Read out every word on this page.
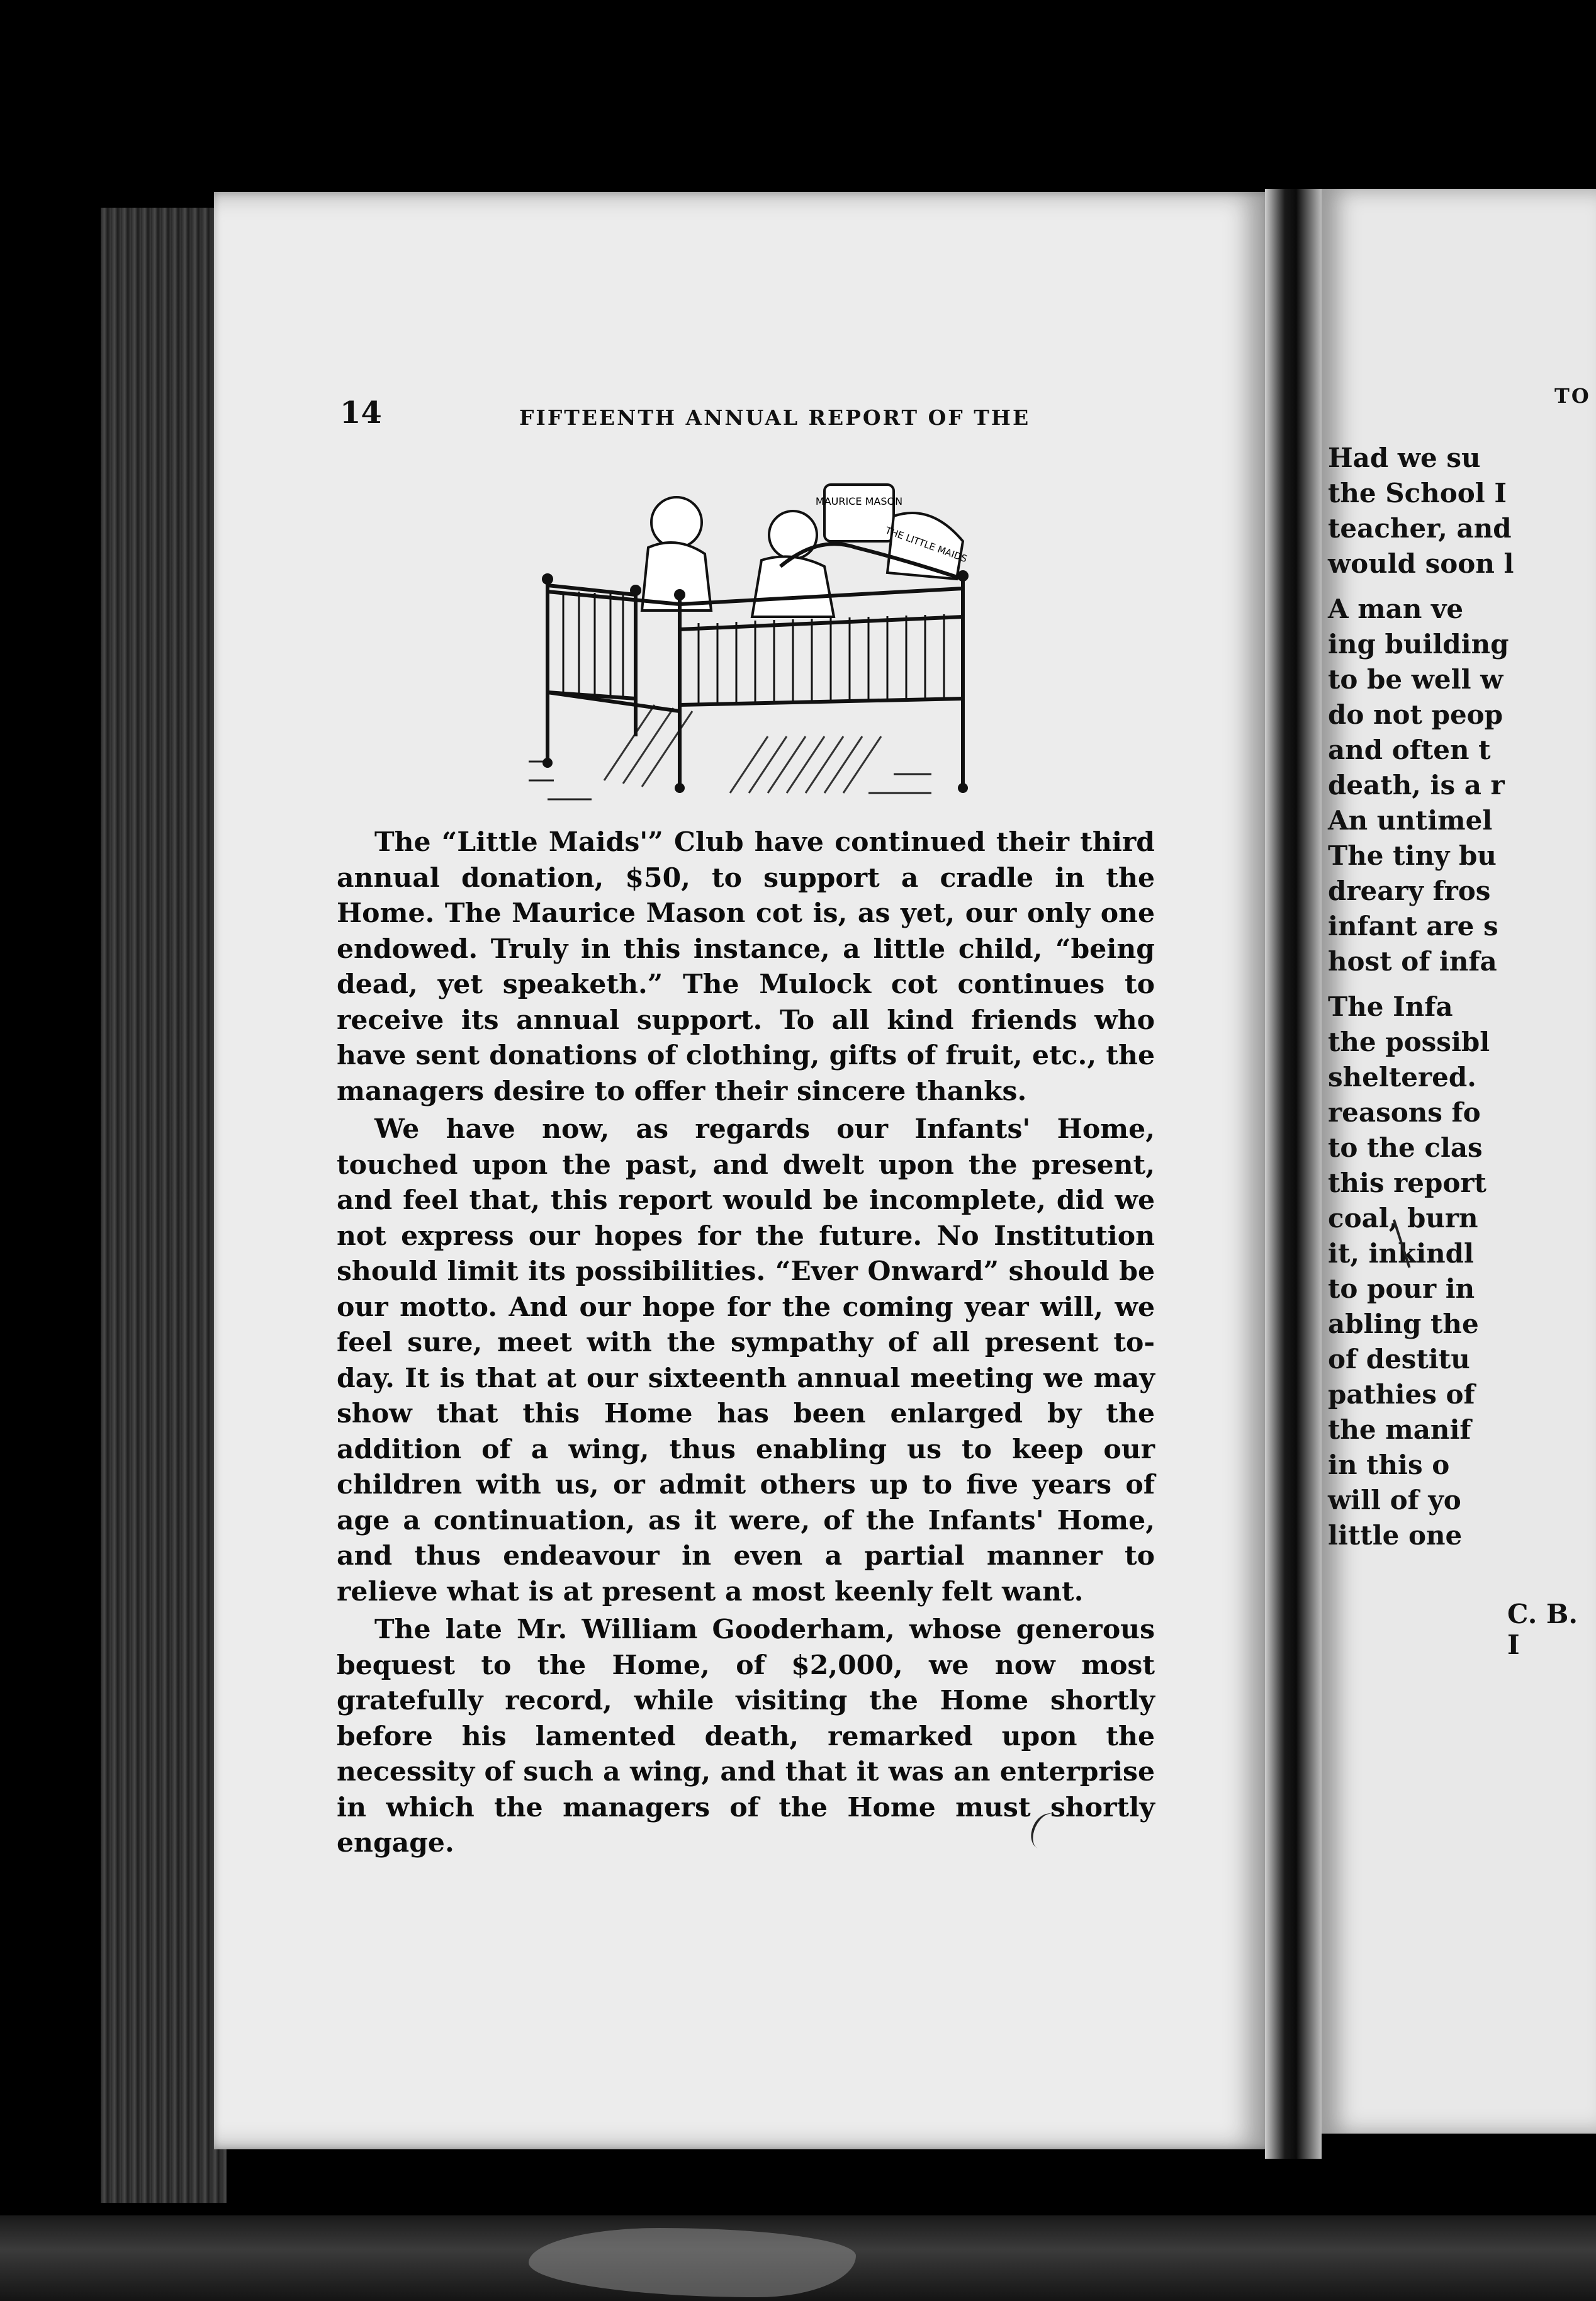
14	FIFTEENTH ANNUAL REPORT OF THE
MAURICE MASON
THE LITTLE MAIDS

The “Little Maids'” Club have continued their third annual donation, $50, to support a cradle in the Home. The Maurice Mason cot is, as yet, our only one endowed. Truly in this instance, a little child, “being dead, yet speaketh.” The Mulock cot continues to receive its annual support. To all kind friends who have sent donations of clothing, gifts of fruit, etc., the managers desire to offer their sincere thanks.

We have now, as regards our Infants' Home, touched upon the past, and dwelt upon the present, and feel that, this report would be incomplete, did we not express our hopes for the future. No Institution should limit its possibilities. “Ever Onward” should be our motto. And our hope for the coming year will, we feel sure, meet with the sympathy of all present to-day. It is that at our sixteenth annual meeting we may show that this Home has been enlarged by the addition of a wing, thus enabling us to keep our children with us, or admit others up to five years of age a continuation, as it were, of the Infants' Home, and thus endeavour in even a partial manner to relieve what is at present a most keenly felt want.

The late Mr. William Gooderham, whose generous bequest to the Home, of $2,000, we now most gratefully record, while visiting the Home shortly before his lamented death, remarked upon the necessity of such a wing, and that it was an enterprise in which the managers of the Home must shortly engage.

TO
Had we su
the School I
teacher, and
would soon l
A man ve
ing building
to be well w
do not peop
and often t
death, is a r
An untimel
The tiny bu
dreary fros
infant are s
host of infa
The Infa
the possibl
sheltered.
reasons fo
to the clas
this report
coal, burn
it, inkindl
to pour in
abling the
of destitu
pathies of
the manif
in this o
will of yo
little one
C. B. I
